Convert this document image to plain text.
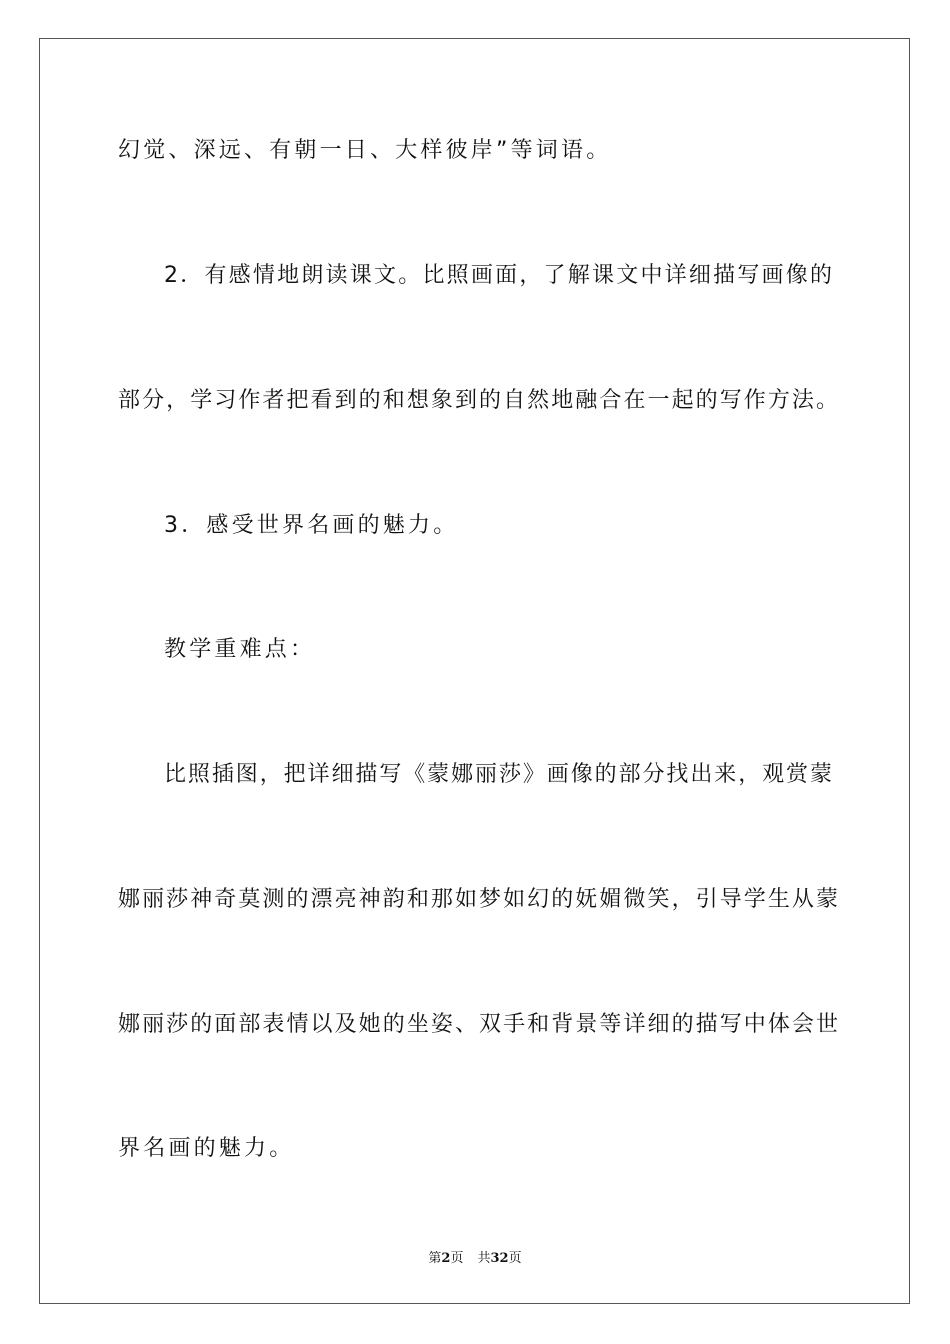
幻觉、深远、有朝一日、大样彼岸”等词语。
2．有感情地朗读课文。比照画面，了解课文中详细描写画像的
部分，学习作者把看到的和想象到的自然地融合在一起的写作方法。
3．感受世界名画的魅力。
教学重难点：
比照插图，把详细描写《蒙娜丽莎》画像的部分找出来，观赏蒙
娜丽莎神奇莫测的漂亮神韵和那如梦如幻的妩媚微笑，引导学生从蒙
娜丽莎的面部表情以及她的坐姿、双手和背景等详细的描写中体会世
界名画的魅力。
第2页 共32页
